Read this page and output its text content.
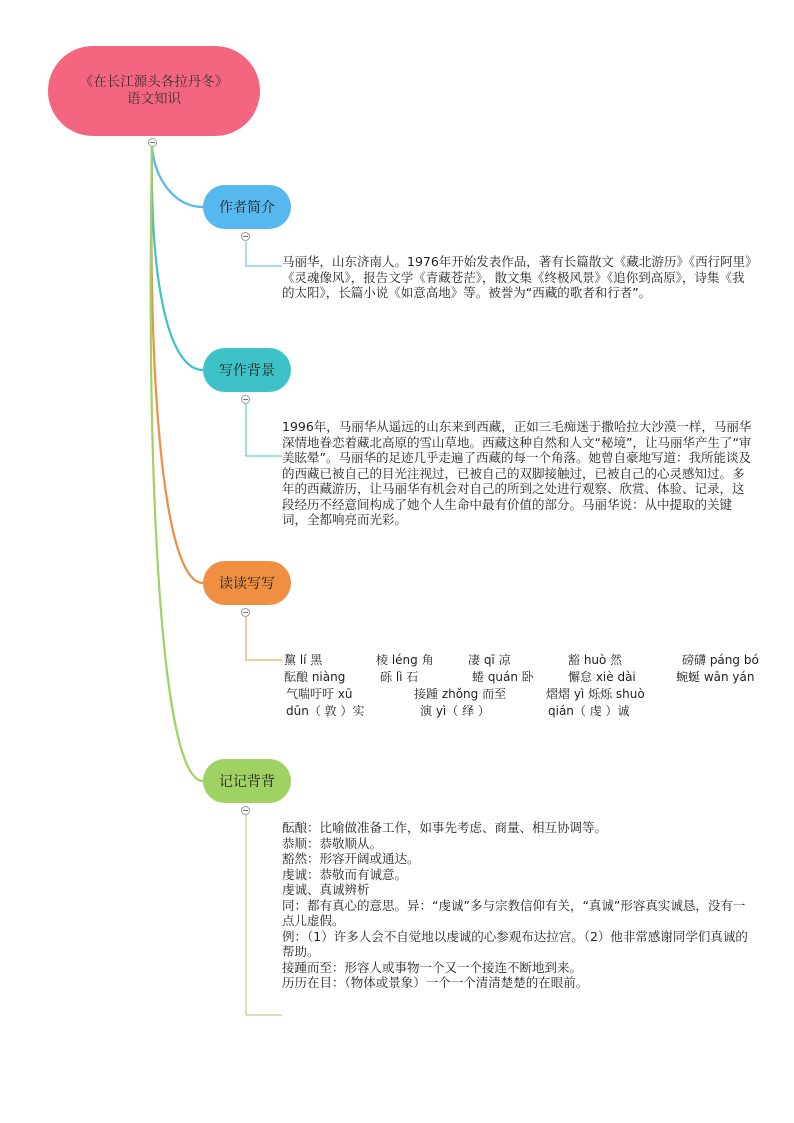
《在长江源头各拉丹冬》
语文知识
作者简介

马丽华，山东济南人。1976年开始发表作品，著有长篇散文《藏北游历》《西行阿里》《灵魂像风》，报告文学《青藏苍茫》，散文集《终极风景》《追你到高原》，诗集《我的太阳》，长篇小说《如意高地》等。被誉为“西藏的歌者和行者”。

写作背景

1996年，马丽华从遥远的山东来到西藏，正如三毛痴迷于撒哈拉大沙漠一样，马丽华深情地眷恋着藏北高原的雪山草地。西藏这种自然和人文“秘境”，让马丽华产生了“审美眩晕”。马丽华的足迹几乎走遍了西藏的每一个角落。她曾自豪地写道：我所能谈及的西藏已被自己的目光注视过，已被自己的双脚接触过，已被自己的心灵感知过。多年的西藏游历，让马丽华有机会对自己的所到之处进行观察、欣赏、体验、记录，这段经历不经意间构成了她个人生命中最有价值的部分。马丽华说：从中提取的关键词，全都响亮而光彩。

读读写写
黧 lí 黑	棱 léng 角	凄 qī 凉	豁 huò 然	磅礴 páng bó
酝酿 niàng	砾 lì 石	蜷 quán 卧	懈怠 xiè dài	蜿蜒 wān yán
气喘吁吁 xū	接踵 zhǒng 而至	熠熠 yì 烁烁 shuò
dūn（ 敦 ）实	演 yì（ 绎 ）	qián（ 虔 ）诚
记记背背

酝酿：比喻做准备工作，如事先考虑、商量、相互协调等。

恭顺：恭敬顺从。

豁然：形容开阔或通达。

虔诚：恭敬而有诚意。

虔诚、真诚辨析

同：都有真心的意思。异：“虔诚”多与宗教信仰有关，“真诚”形容真实诚恳，没有一点儿虚假。

例：（1）许多人会不自觉地以虔诚的心参观布达拉宫。（2）他非常感谢同学们真诚的帮助。

接踵而至：形容人或事物一个又一个接连不断地到来。

历历在目：（物体或景象）一个一个清清楚楚的在眼前。
